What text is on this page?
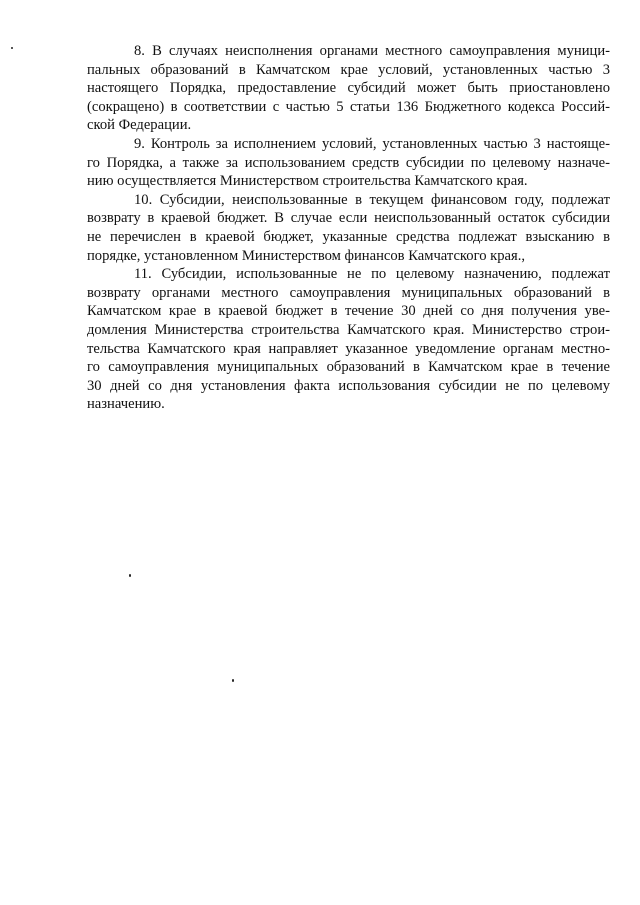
8. В случаях неисполнения органами местного самоуправления муници-
пальных образований в Камчатском крае условий, установленных частью 3
настоящего Порядка, предоставление субсидий может быть приостановлено
(сокращено) в соответствии с частью 5 статьи 136 Бюджетного кодекса Россий-
ской Федерации.
9. Контроль за исполнением условий, установленных частью 3 настояще-
го Порядка, а также за использованием средств субсидии по целевому назначе-
нию осуществляется Министерством строительства Камчатского края.
10. Субсидии, неиспользованные в текущем финансовом году, подлежат
возврату в краевой бюджет. В случае если неиспользованный остаток субсидии
не перечислен в краевой бюджет, указанные средства подлежат взысканию в
порядке, установленном Министерством финансов Камчатского края.,
11. Субсидии, использованные не по целевому назначению, подлежат
возврату органами местного самоуправления муниципальных образований в
Камчатском крае в краевой бюджет в течение 30 дней со дня получения уве-
домления Министерства строительства Камчатского края. Министерство строи-
тельства Камчатского края направляет указанное уведомление органам местно-
го самоуправления муниципальных образований в Камчатском крае в течение
30 дней со дня установления факта использования субсидии не по целевому
назначению.
